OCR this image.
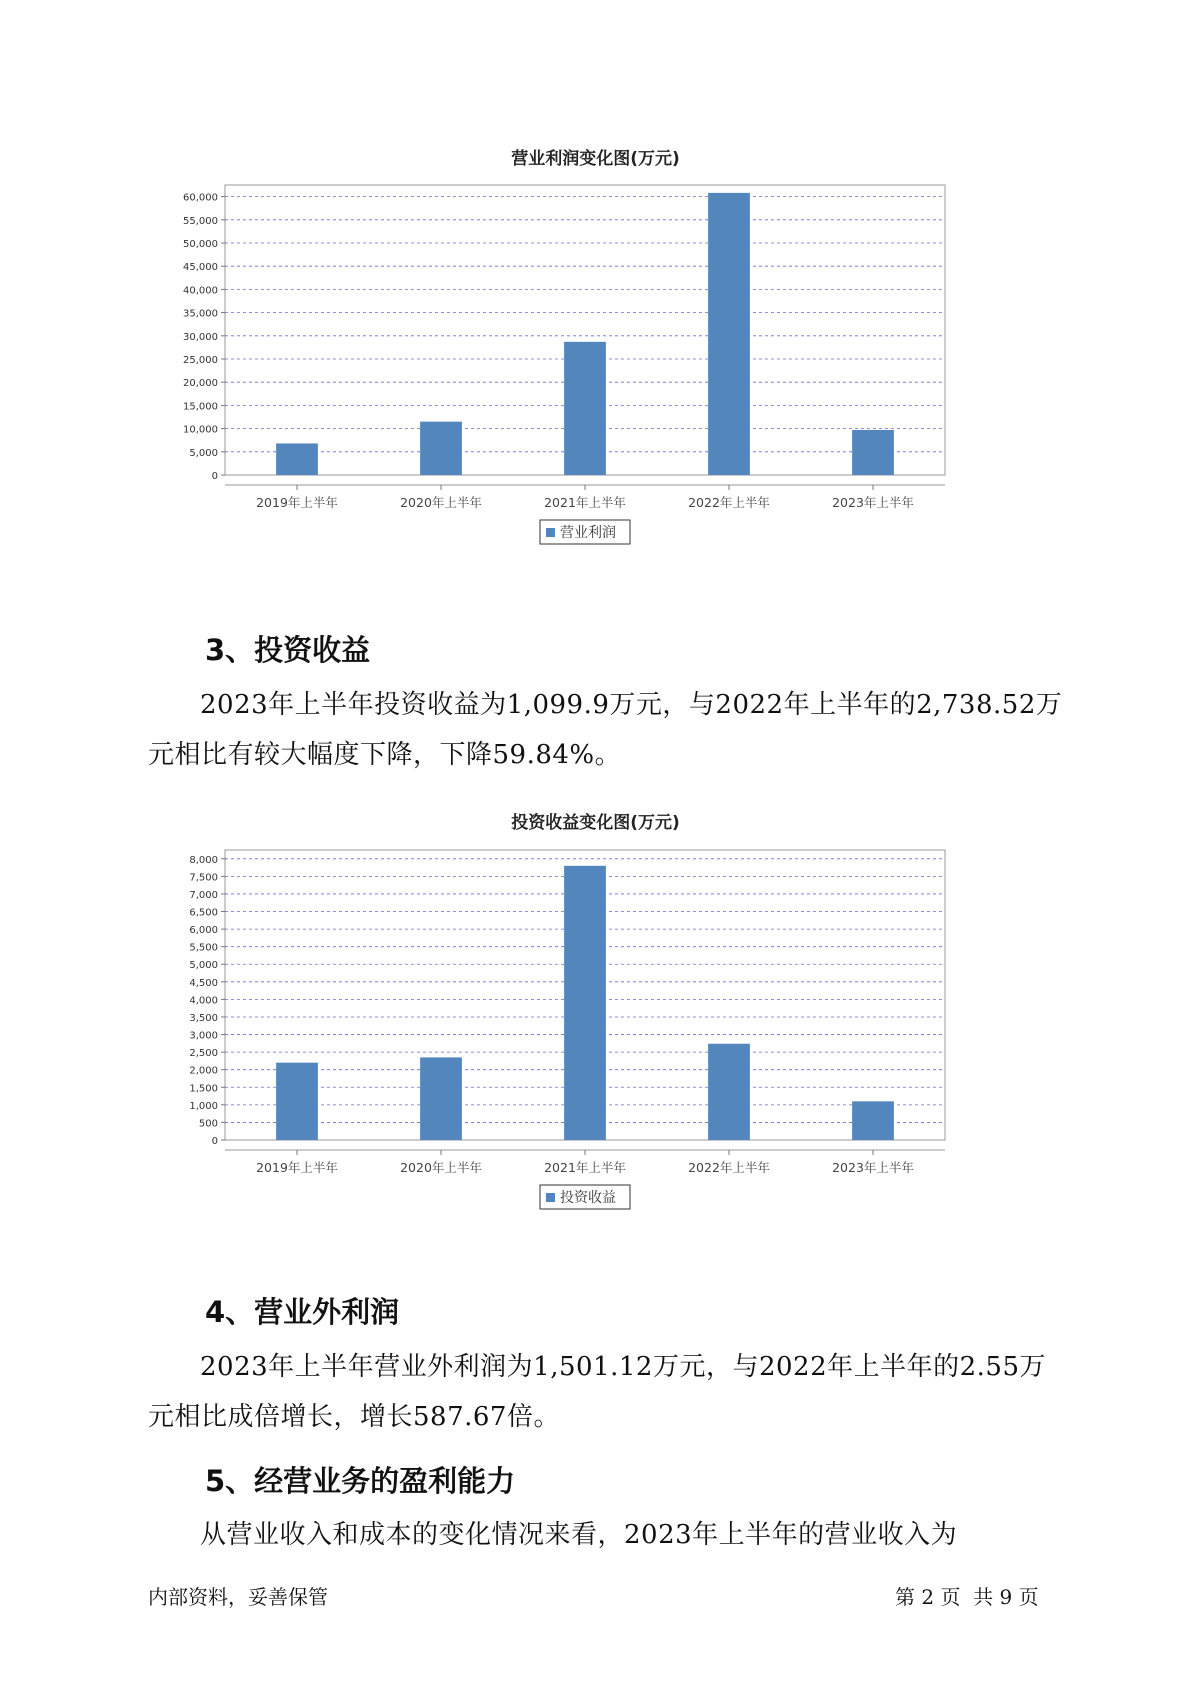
营业利润变化图(万元)
0
5,000
10,000
15,000
20,000
25,000
30,000
35,000
40,000
45,000
50,000
55,000
60,000
2019年上半年	2020年上半年	2021年上半年	2022年上半年	2023年上半年
营业利润
3、投资收益
2023年上半年投资收益为1,099.9万元，与2022年上半年的2,738.52万
元相比有较大幅度下降，下降59.84%。
投资收益变化图(万元)
0
500
1,000
1,500
2,000
2,500
3,000
3,500
4,000
4,500
5,000
5,500
6,000
6,500
7,000
7,500
8,000
2019年上半年	2020年上半年	2021年上半年	2022年上半年	2023年上半年
投资收益
4、营业外利润
2023年上半年营业外利润为1,501.12万元，与2022年上半年的2.55万
元相比成倍增长，增长587.67倍。
5、经营业务的盈利能力
从营业收入和成本的变化情况来看，2023年上半年的营业收入为
内部资料，妥善保管	第 2 页  共 9 页
